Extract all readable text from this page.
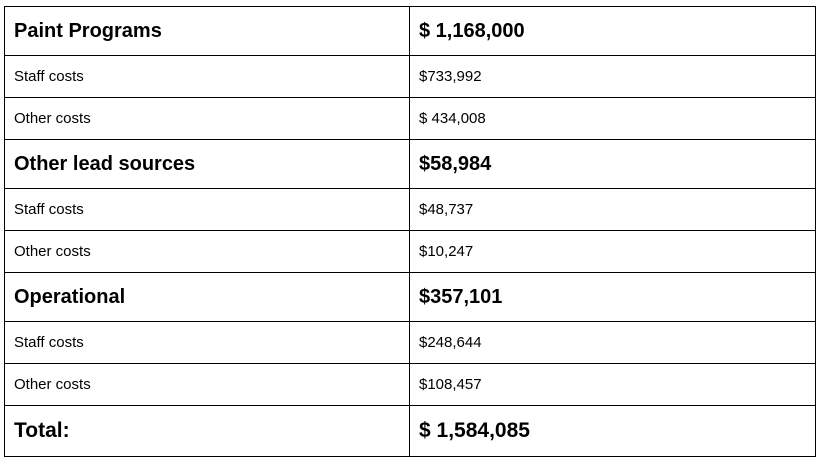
Paint Programs	$ 1,168,000
Staff costs	$733,992
Other costs	$ 434,008
Other lead sources	$58,984
Staff costs	$48,737
Other costs	$10,247
Operational	$357,101
Staff costs	$248,644
Other costs	$108,457
Total:	$ 1,584,085
